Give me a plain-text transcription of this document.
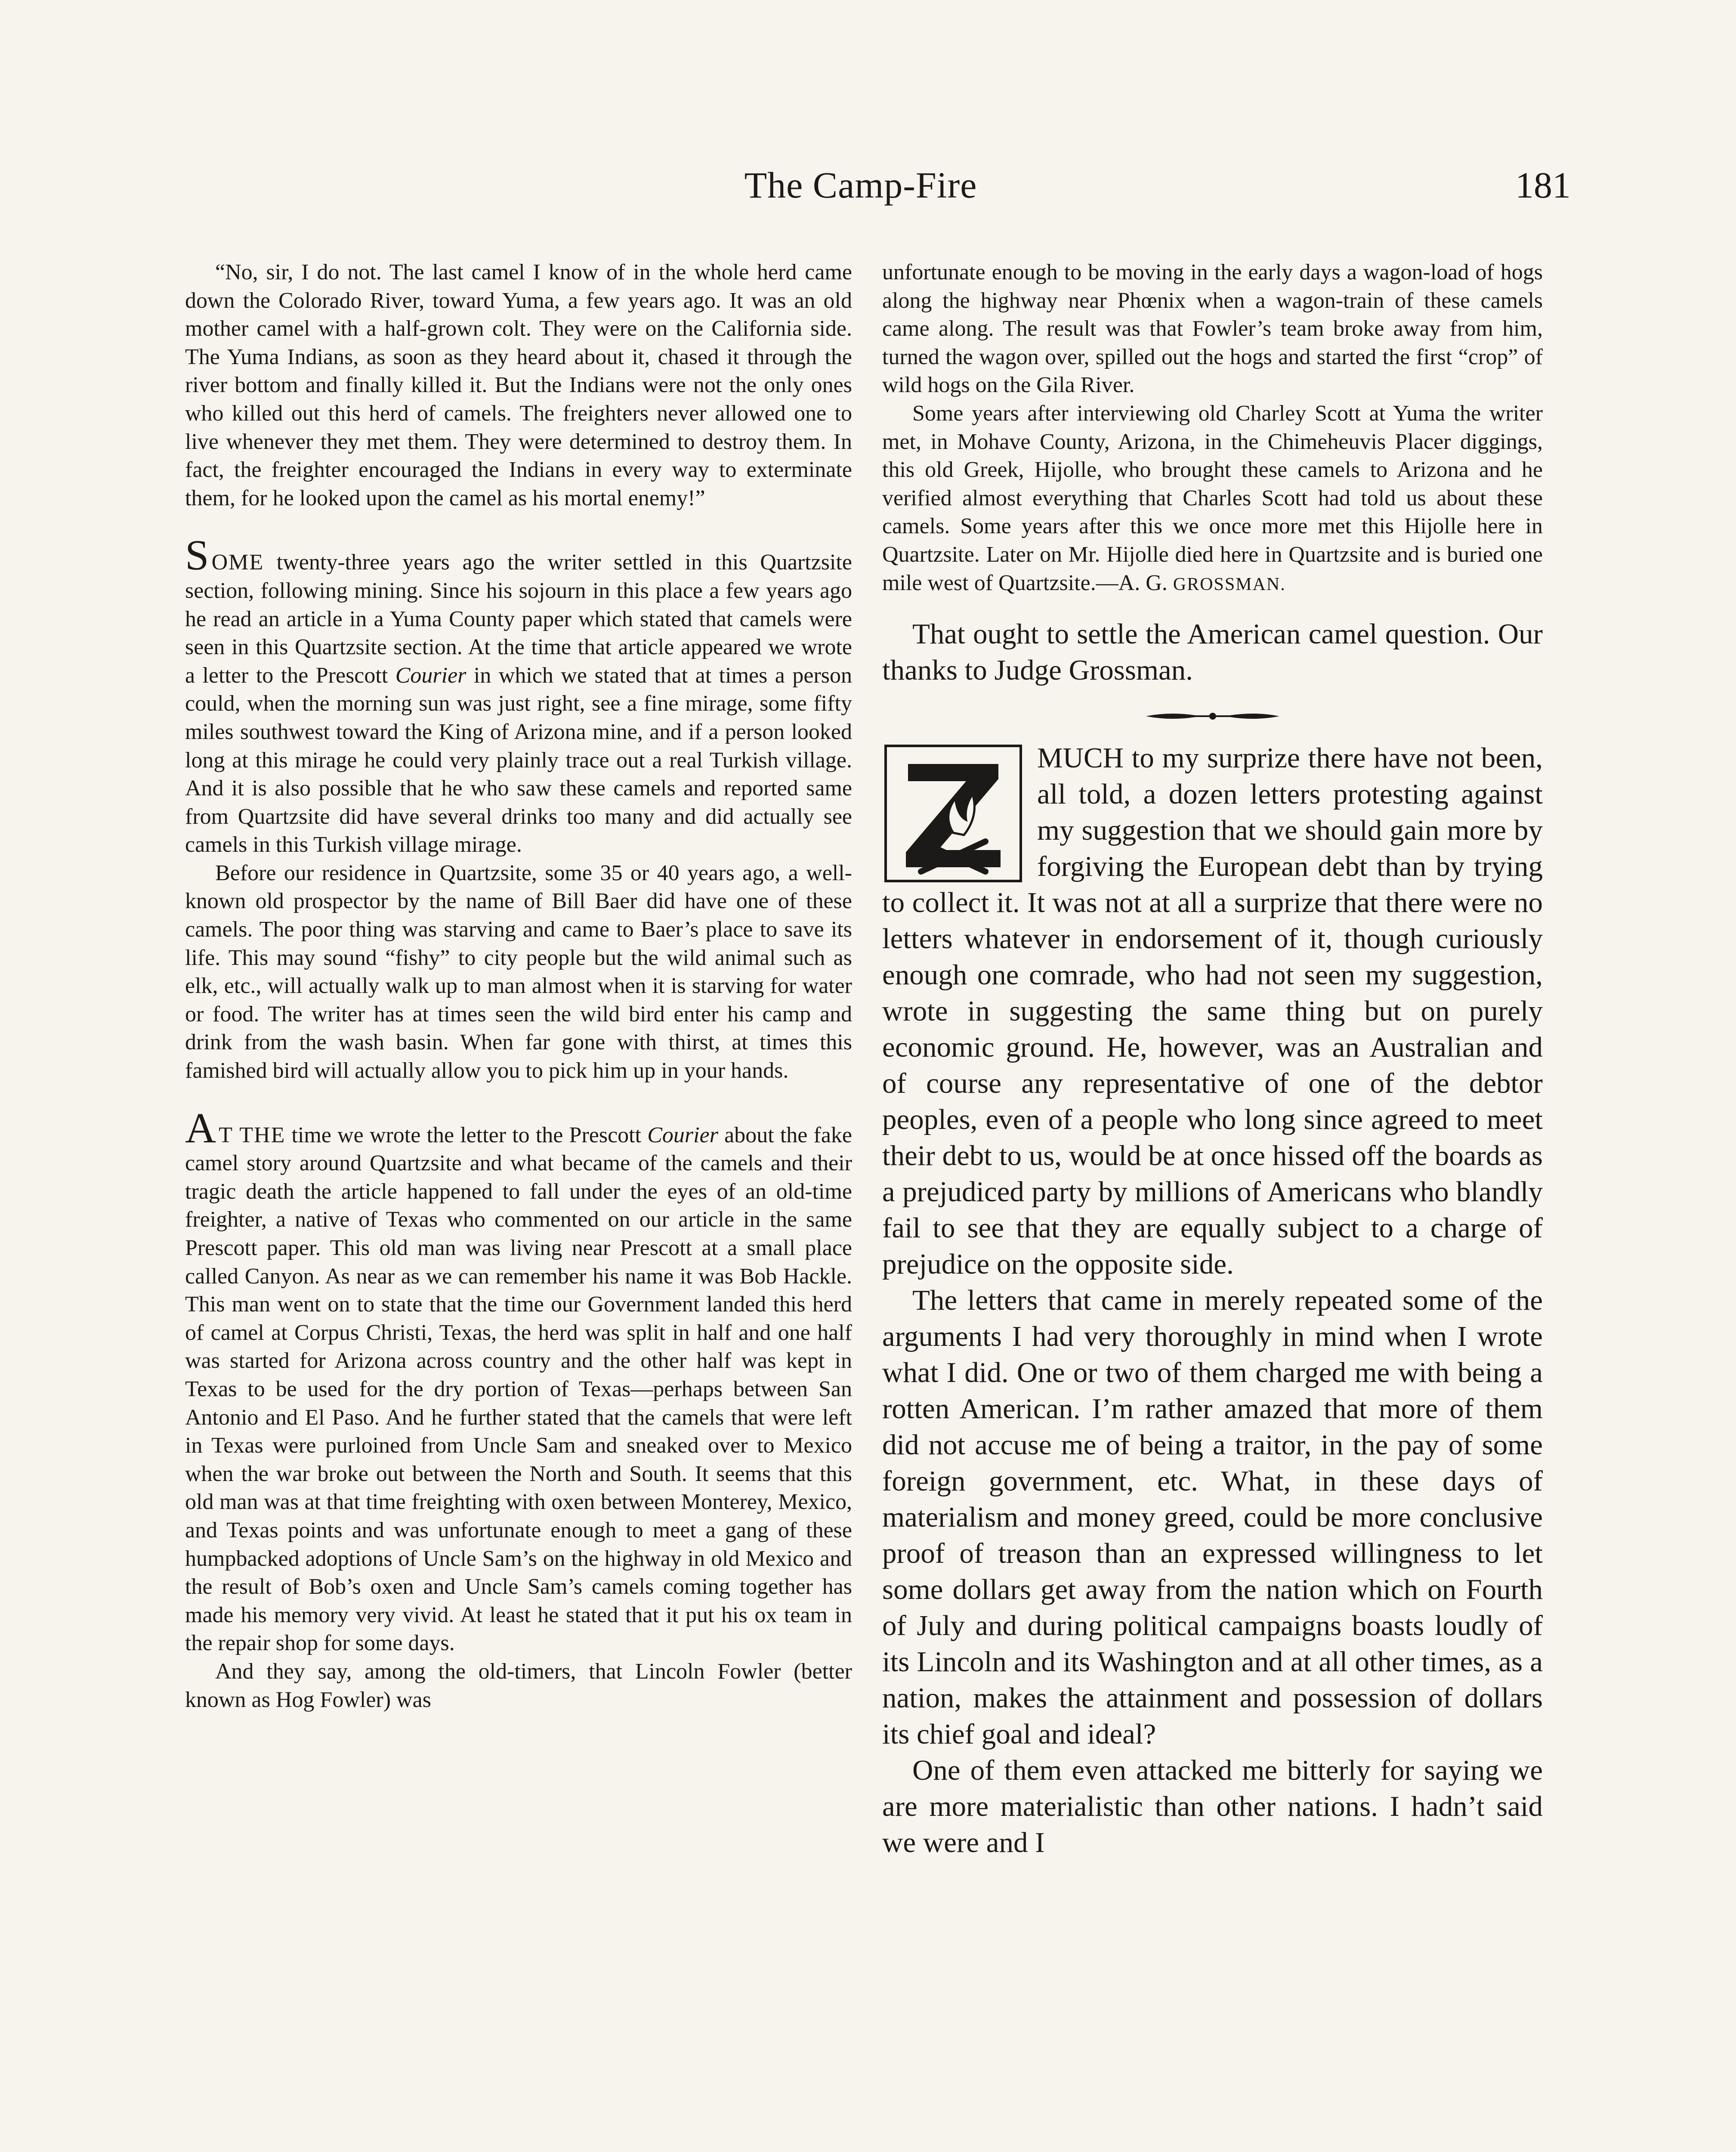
The Camp-Fire	181

“No, sir, I do not. The last camel I know of in the whole herd came down the Colorado River, toward Yuma, a few years ago. It was an old mother camel with a half-grown colt. They were on the California side. The Yuma Indians, as soon as they heard about it, chased it through the river bottom and finally killed it. But the Indians were not the only ones who killed out this herd of camels. The freighters never allowed one to live whenever they met them. They were determined to destroy them. In fact, the freighter encouraged the Indians in every way to exterminate them, for he looked upon the camel as his mortal enemy!”

SOME twenty-three years ago the writer settled in this Quartzsite section, following mining. Since his sojourn in this place a few years ago he read an article in a Yuma County paper which stated that camels were seen in this Quartzsite section. At the time that article appeared we wrote a letter to the Prescott Courier in which we stated that at times a person could, when the morning sun was just right, see a fine mirage, some fifty miles southwest toward the King of Arizona mine, and if a person looked long at this mirage he could very plainly trace out a real Turkish village. And it is also possible that he who saw these camels and reported same from Quartzsite did have several drinks too many and did actually see camels in this Turkish village mirage.

Before our residence in Quartzsite, some 35 or 40 years ago, a well-known old prospector by the name of Bill Baer did have one of these camels. The poor thing was starving and came to Baer’s place to save its life. This may sound “fishy” to city people but the wild animal such as elk, etc., will actually walk up to man almost when it is starving for water or food. The writer has at times seen the wild bird enter his camp and drink from the wash basin. When far gone with thirst, at times this famished bird will actually allow you to pick him up in your hands.

A T THE time we wrote the letter to the Prescott Courier about the fake camel story around Quartzsite and what became of the camels and their tragic death the article happened to fall under the eyes of an old-time freighter, a native of Texas who commented on our article in the same Prescott paper. This old man was living near Prescott at a small place called Canyon. As near as we can remember his name it was Bob Hackle. This man went on to state that the time our Government landed this herd of camel at Corpus Christi, Texas, the herd was split in half and one half was started for Arizona across country and the other half was kept in Texas to be used for the dry portion of Texas—perhaps between San Antonio and El Paso. And he further stated that the camels that were left in Texas were purloined from Uncle Sam and sneaked over to Mexico when the war broke out between the North and South. It seems that this old man was at that time freighting with oxen between Monterey, Mexico, and Texas points and was unfortunate enough to meet a gang of these humpbacked adoptions of Uncle Sam’s on the highway in old Mexico and the result of Bob’s oxen and Uncle Sam’s camels coming together has made his memory very vivid. At least he stated that it put his ox team in the repair shop for some days.

And they say, among the old-timers, that Lincoln Fowler (better known as Hog Fowler) was

unfortunate enough to be moving in the early days a wagon-load of hogs along the highway near Phœnix when a wagon-train of these camels came along. The result was that Fowler’s team broke away from him, turned the wagon over, spilled out the hogs and started the first “crop” of wild hogs on the Gila River.

Some years after interviewing old Charley Scott at Yuma the writer met, in Mohave County, Arizona, in the Chimeheuvis Placer diggings, this old Greek, Hijolle, who brought these camels to Arizona and he verified almost everything that Charles Scott had told us about these camels. Some years after this we once more met this Hijolle here in Quartzsite. Later on Mr. Hijolle died here in Quartzsite and is buried one mile west of Quartzsite.—A. G. GROSSMAN.

That ought to settle the American camel question. Our thanks to Judge Grossman.

MUCH to my surprize there have not been, all told, a dozen letters protesting against my suggestion that we should gain more by forgiving the European debt than by trying to collect it. It was not at all a surprize that there were no letters whatever in endorsement of it, though curiously enough one comrade, who had not seen my suggestion, wrote in suggesting the same thing but on purely economic ground. He, however, was an Australian and of course any representative of one of the debtor peoples, even of a people who long since agreed to meet their debt to us, would be at once hissed off the boards as a prejudiced party by millions of Americans who blandly fail to see that they are equally subject to a charge of prejudice on the opposite side.

The letters that came in merely repeated some of the arguments I had very thoroughly in mind when I wrote what I did. One or two of them charged me with being a rotten American. I’m rather amazed that more of them did not accuse me of being a traitor, in the pay of some foreign government, etc. What, in these days of materialism and money greed, could be more conclusive proof of treason than an expressed willingness to let some dollars get away from the nation which on Fourth of July and during political campaigns boasts loudly of its Lincoln and its Washington and at all other times, as a nation, makes the attainment and possession of dollars its chief goal and ideal?

One of them even attacked me bitterly for saying we are more materialistic than other nations. I hadn’t said we were and I
